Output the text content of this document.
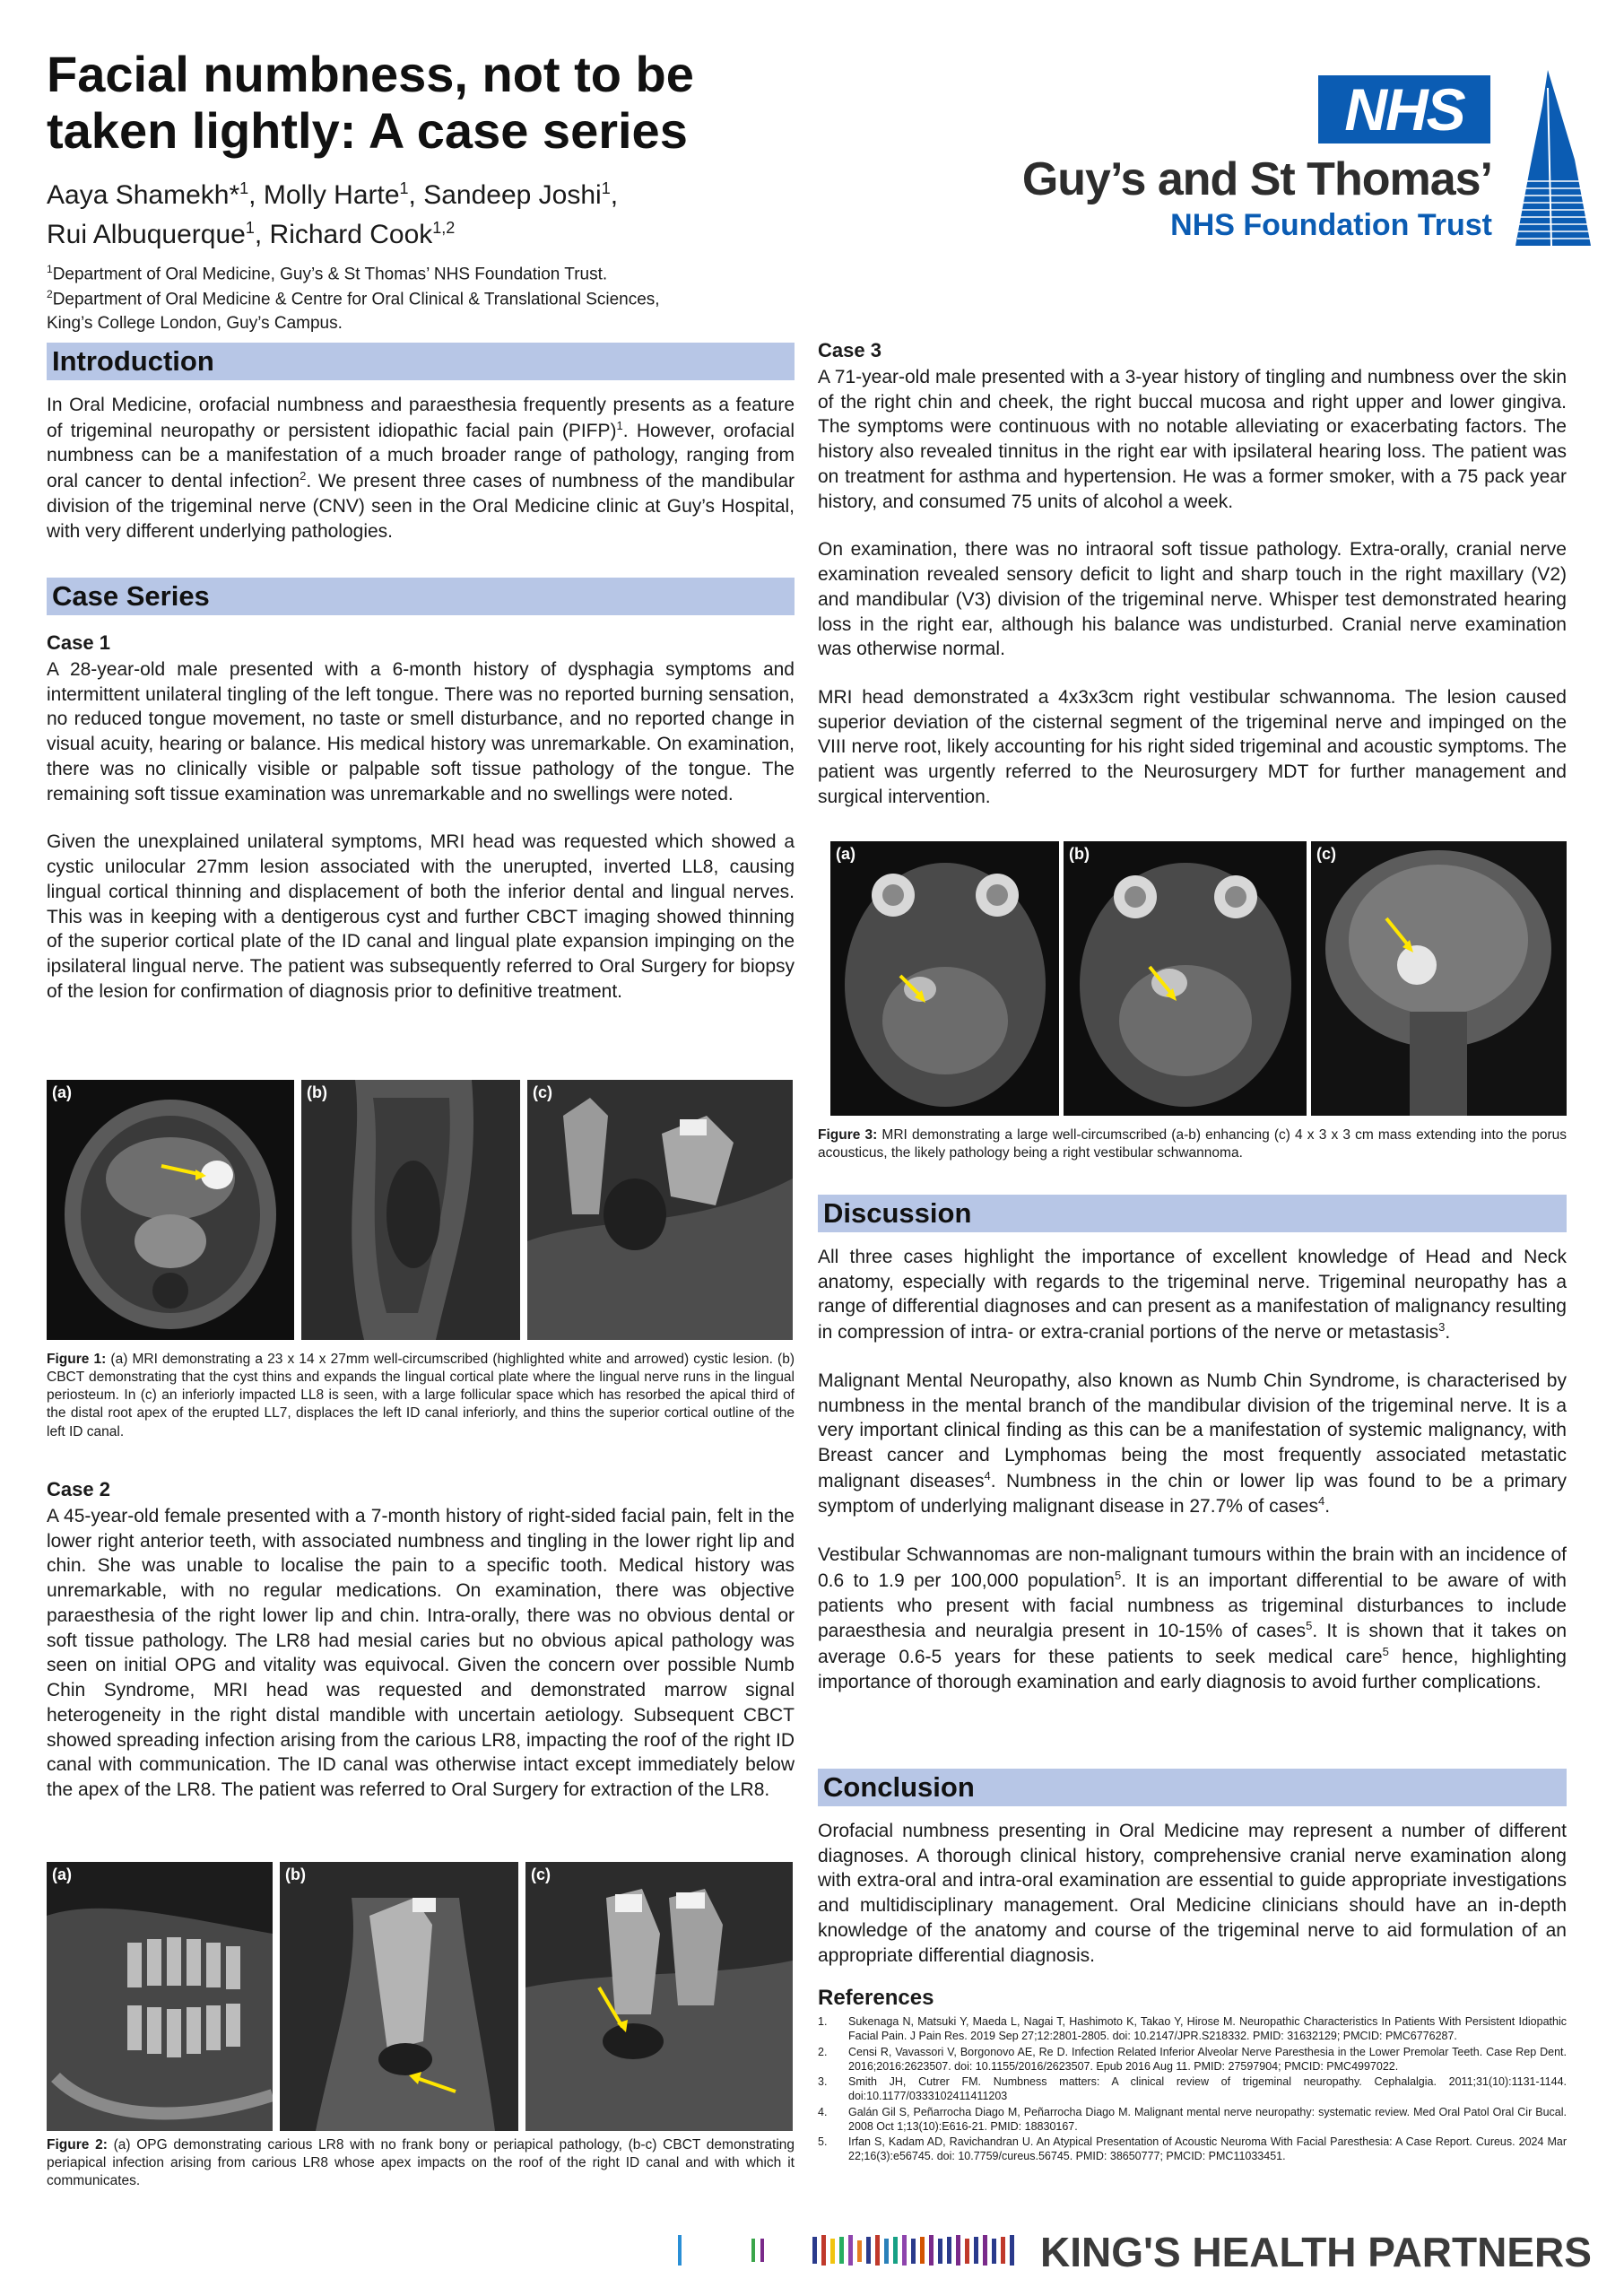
Facial numbness, not to be
taken lightly: A case series
Aaya Shamekh*$^1$, Molly Harte$^1$, Sandeep Joshi$^1$,
Rui Albuquerque$^1$, Richard Cook$^{1,2}$
$^1$Department of Oral Medicine, Guy’s & St Thomas’ NHS Foundation Trust.
$^2$Department of Oral Medicine & Centre for Oral Clinical & Translational Sciences,
King’s College London, Guy’s Campus.
NHS
Guy’s and St Thomas’
NHS Foundation Trust
Introduction

In Oral Medicine, orofacial numbness and paraesthesia frequently presents as a feature of trigeminal neuropathy or persistent idiopathic facial pain (PIFP)$^1$. However, orofacial numbness can be a manifestation of a much broader range of pathology, ranging from oral cancer to dental infection$^2$. We present three cases of numbness of the mandibular division of the trigeminal nerve (CNV) seen in the Oral Medicine clinic at Guy’s Hospital, with very different underlying pathologies.

Case Series
Case 1

A 28-year-old male presented with a 6-month history of dysphagia symptoms and intermittent unilateral tingling of the left tongue. There was no reported burning sensation, no reduced tongue movement, no taste or smell disturbance, and no reported change in visual acuity, hearing or balance. His medical history was unremarkable. On examination, there was no clinically visible or palpable soft tissue pathology of the tongue. The remaining soft tissue examination was unremarkable and no swellings were noted.

Given the unexplained unilateral symptoms, MRI head was requested which showed a cystic unilocular 27mm lesion associated with the unerupted, inverted LL8, causing lingual cortical thinning and displacement of both the inferior dental and lingual nerves. This was in keeping with a dentigerous cyst and further CBCT imaging showed thinning of the superior cortical plate of the ID canal and lingual plate expansion impinging on the ipsilateral lingual nerve. The patient was subsequently referred to Oral Surgery for biopsy of the lesion for confirmation of diagnosis prior to definitive treatment.

(a)	(b)	(c)
Figure 1: (a) MRI demonstrating a 23 x 14 x 27mm well-circumscribed (highlighted white and arrowed) cystic lesion. (b) CBCT demonstrating that the cyst thins and expands the lingual cortical plate where the lingual nerve runs in the lingual periosteum. In (c) an inferiorly impacted LL8 is seen, with a large follicular space which has resorbed the apical third of the distal root apex of the erupted LL7, displaces the left ID canal inferiorly, and thins the superior cortical outline of the left ID canal.
Case 2

A 45-year-old female presented with a 7-month history of right-sided facial pain, felt in the lower right anterior teeth, with associated numbness and tingling in the lower right lip and chin. She was unable to localise the pain to a specific tooth. Medical history was unremarkable, with no regular medications. On examination, there was objective paraesthesia of the right lower lip and chin. Intra-orally, there was no obvious dental or soft tissue pathology. The LR8 had mesial caries but no obvious apical pathology was seen on initial OPG and vitality was equivocal. Given the concern over possible Numb Chin Syndrome, MRI head was requested and demonstrated marrow signal heterogeneity in the right distal mandible with uncertain aetiology. Subsequent CBCT showed spreading infection arising from the carious LR8, impacting the roof of the right ID canal with communication. The ID canal was otherwise intact except immediately below the apex of the LR8. The patient was referred to Oral Surgery for extraction of the LR8.

(a)	(b)	(c)
Figure 2: (a) OPG demonstrating carious LR8 with no frank bony or periapical pathology, (b-c) CBCT demonstrating periapical infection arising from carious LR8 whose apex impacts on the roof of the right ID canal and with which it communicates.
Case 3

A 71-year-old male presented with a 3-year history of tingling and numbness over the skin of the right chin and cheek, the right buccal mucosa and right upper and lower gingiva. The symptoms were continuous with no notable alleviating or exacerbating factors. The history also revealed tinnitus in the right ear with ipsilateral hearing loss. The patient was on treatment for asthma and hypertension. He was a former smoker, with a 75 pack year history, and consumed 75 units of alcohol a week.

On examination, there was no intraoral soft tissue pathology. Extra-orally, cranial nerve examination revealed sensory deficit to light and sharp touch in the right maxillary (V2) and mandibular (V3) division of the trigeminal nerve. Whisper test demonstrated hearing loss in the right ear, although his balance was undisturbed. Cranial nerve examination was otherwise normal.

MRI head demonstrated a 4x3x3cm right vestibular schwannoma. The lesion caused superior deviation of the cisternal segment of the trigeminal nerve and impinged on the VIII nerve root, likely accounting for his right sided trigeminal and acoustic symptoms. The patient was urgently referred to the Neurosurgery MDT for further management and surgical intervention.

(a)	(b)	(c)
Figure 3: MRI demonstrating a large well-circumscribed (a-b) enhancing (c) 4 x 3 x 3 cm mass extending into the porus acousticus, the likely pathology being a right vestibular schwannoma.
Discussion

All three cases highlight the importance of excellent knowledge of Head and Neck anatomy, especially with regards to the trigeminal nerve. Trigeminal neuropathy has a range of differential diagnoses and can present as a manifestation of malignancy resulting in compression of intra- or extra-cranial portions of the nerve or metastasis$^3$.

Malignant Mental Neuropathy, also known as Numb Chin Syndrome, is characterised by numbness in the mental branch of the mandibular division of the trigeminal nerve. It is a very important clinical finding as this can be a manifestation of systemic malignancy, with Breast cancer and Lymphomas being the most frequently associated metastatic malignant diseases$^4$. Numbness in the chin or lower lip was found to be a primary symptom of underlying malignant disease in 27.7% of cases$^4$.

Vestibular Schwannomas are non-malignant tumours within the brain with an incidence of 0.6 to 1.9 per 100,000 population$^5$. It is an important differential to be aware of with patients who present with facial numbness as trigeminal disturbances to include paraesthesia and neuralgia present in 10-15% of cases$^5$. It is shown that it takes on average 0.6-5 years for these patients to seek medical care$^5$ hence, highlighting importance of thorough examination and early diagnosis to avoid further complications.

Conclusion

Orofacial numbness presenting in Oral Medicine may represent a number of different diagnoses. A thorough clinical history, comprehensive cranial nerve examination along with extra-oral and intra-oral examination are essential to guide appropriate investigations and multidisciplinary management. Oral Medicine clinicians should have an in-depth knowledge of the anatomy and course of the trigeminal nerve to aid formulation of an appropriate differential diagnosis.

References
1.	Sukenaga N, Matsuki Y, Maeda L, Nagai T, Hashimoto K, Takao Y, Hirose M. Neuropathic Characteristics In Patients With Persistent Idiopathic Facial Pain. J Pain Res. 2019 Sep 27;12:2801-2805. doi: 10.2147/JPR.S218332. PMID: 31632129; PMCID: PMC6776287.
2.	Censi R, Vavassori V, Borgonovo AE, Re D. Infection Related Inferior Alveolar Nerve Paresthesia in the Lower Premolar Teeth. Case Rep Dent. 2016;2016:2623507. doi: 10.1155/2016/2623507. Epub 2016 Aug 11. PMID: 27597904; PMCID: PMC4997022.
3.	Smith JH, Cutrer FM. Numbness matters: A clinical review of trigeminal neuropathy. Cephalalgia. 2011;31(10):1131-1144. doi:10.1177/0333102411411203
4.	Galán Gil S, Peñarrocha Diago M, Peñarrocha Diago M. Malignant mental nerve neuropathy: systematic review. Med Oral Patol Oral Cir Bucal. 2008 Oct 1;13(10):E616-21. PMID: 18830167.
5.	Irfan S, Kadam AD, Ravichandran U. An Atypical Presentation of Acoustic Neuroma With Facial Paresthesia: A Case Report. Cureus. 2024 Mar 22;16(3):e56745. doi: 10.7759/cureus.56745. PMID: 38650777; PMCID: PMC11033451.
KING'S HEALTH PARTNERS
